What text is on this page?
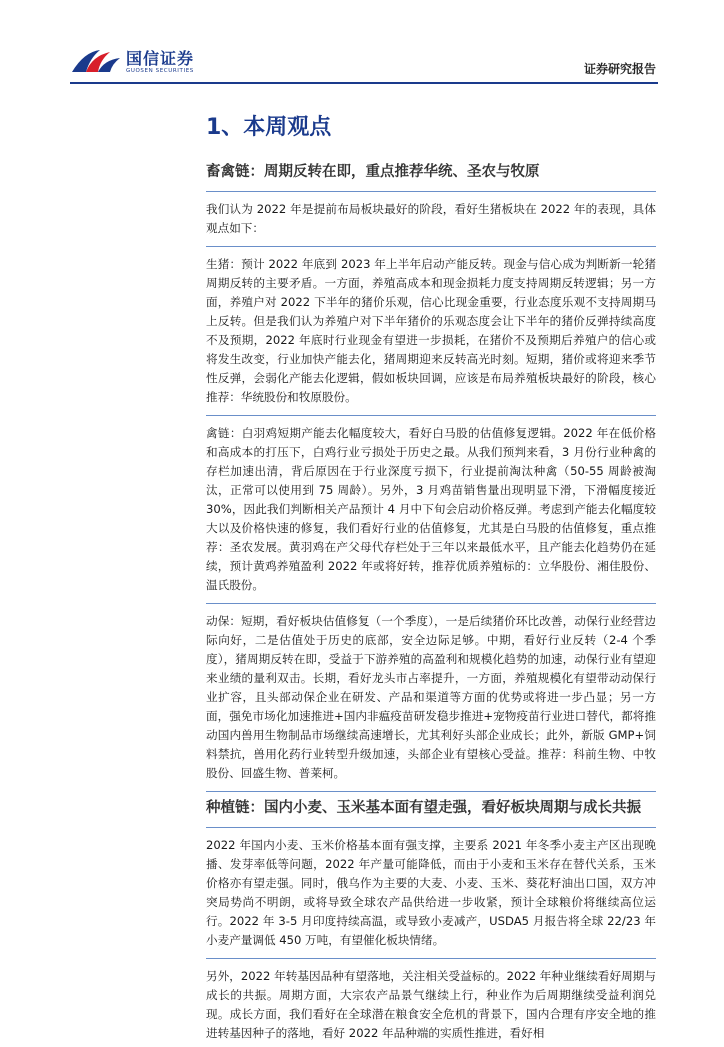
国信证券
GUOSEN SECURITIES	证券研究报告
1、本周观点
畜禽链：周期反转在即，重点推荐华统、圣农与牧原

我们认为 2022 年是提前布局板块最好的阶段，看好生猪板块在 2022 年的表现，具体观点如下：

生猪：预计 2022 年底到 2023 年上半年启动产能反转。现金与信心成为判断新一轮猪周期反转的主要矛盾。一方面，养殖高成本和现金损耗力度支持周期反转逻辑；另一方面，养殖户对 2022 下半年的猪价乐观，信心比现金重要，行业态度乐观不支持周期马上反转。但是我们认为养殖户对下半年猪价的乐观态度会让下半年的猪价反弹持续高度不及预期，2022 年底时行业现金有望进一步损耗，在猪价不及预期后养殖户的信心或将发生改变，行业加快产能去化，猪周期迎来反转高光时刻。短期，猪价或将迎来季节性反弹，会弱化产能去化逻辑，假如板块回调，应该是布局养殖板块最好的阶段，核心推荐：华统股份和牧原股份。

禽链：白羽鸡短期产能去化幅度较大，看好白马股的估值修复逻辑。2022 年在低价格和高成本的打压下，白鸡行业亏损处于历史之最。从我们预判来看，3 月份行业种禽的存栏加速出清，背后原因在于行业深度亏损下，行业提前淘汰种禽（50-55 周龄被淘汰，正常可以使用到 75 周龄）。另外，3 月鸡苗销售量出现明显下滑，下滑幅度接近 30%，因此我们判断相关产品预计 4 月中下旬会启动价格反弹。考虑到产能去化幅度较大以及价格快速的修复，我们看好行业的估值修复，尤其是白马股的估值修复，重点推荐：圣农发展。黄羽鸡在产父母代存栏处于三年以来最低水平，且产能去化趋势仍在延续，预计黄鸡养殖盈利 2022 年或将好转，推荐优质养殖标的：立华股份、湘佳股份、温氏股份。

动保：短期，看好板块估值修复（一个季度），一是后续猪价环比改善，动保行业经营边际向好，二是估值处于历史的底部，安全边际足够。中期，看好行业反转（2-4 个季度），猪周期反转在即，受益于下游养殖的高盈利和规模化趋势的加速，动保行业有望迎来业绩的量利双击。长期，看好龙头市占率提升，一方面，养殖规模化有望带动动保行业扩容，且头部动保企业在研发、产品和渠道等方面的优势或将进一步凸显；另一方面，强免市场化加速推进+国内非瘟疫苗研发稳步推进+宠物疫苗行业进口替代，都将推动国内兽用生物制品市场继续高速增长，尤其利好头部企业成长；此外，新版 GMP+饲料禁抗，兽用化药行业转型升级加速，头部企业有望核心受益。推荐：科前生物、中牧股份、回盛生物、普莱柯。

种植链：国内小麦、玉米基本面有望走强，看好板块周期与成长共振

2022 年国内小麦、玉米价格基本面有强支撑，主要系 2021 年冬季小麦主产区出现晚播、发芽率低等问题，2022 年产量可能降低，而由于小麦和玉米存在替代关系，玉米价格亦有望走强。同时，俄乌作为主要的大麦、小麦、玉米、葵花籽油出口国，双方冲突局势尚不明朗，或将导致全球农产品供给进一步收紧，预计全球粮价将继续高位运行。2022 年 3-5 月印度持续高温，或导致小麦减产，USDA5 月报告将全球 22/23 年小麦产量调低 450 万吨，有望催化板块情绪。

另外，2022 年转基因品种有望落地，关注相关受益标的。2022 年种业继续看好周期与成长的共振。周期方面，大宗农产品景气继续上行，种业作为后周期继续受益利润兑现。成长方面，我们看好在全球潜在粮食安全危机的背景下，国内合理有序安全地的推进转基因种子的落地，看好 2022 年品种端的实质性推进，看好相
